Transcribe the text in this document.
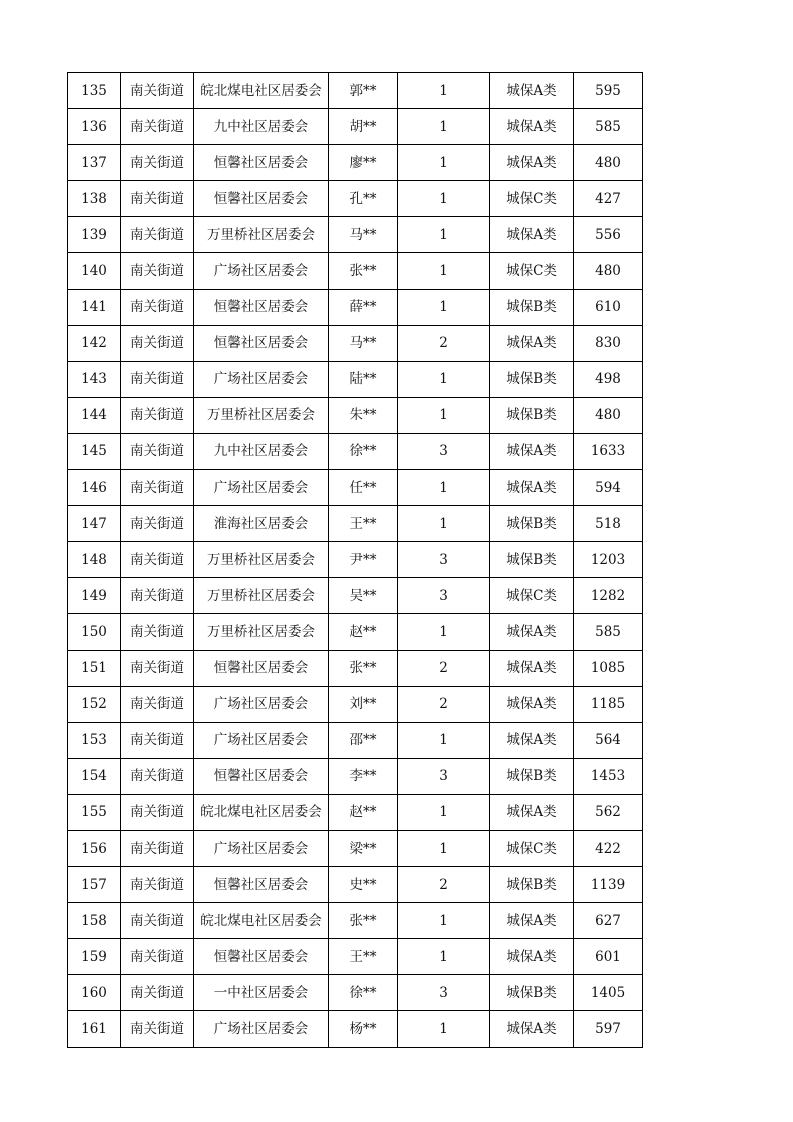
135	南关街道	皖北煤电社区居委会	郭**	1	城保A类	595
136	南关街道	九中社区居委会	胡**	1	城保A类	585
137	南关街道	恒馨社区居委会	廖**	1	城保A类	480
138	南关街道	恒馨社区居委会	孔**	1	城保C类	427
139	南关街道	万里桥社区居委会	马**	1	城保A类	556
140	南关街道	广场社区居委会	张**	1	城保C类	480
141	南关街道	恒馨社区居委会	薛**	1	城保B类	610
142	南关街道	恒馨社区居委会	马**	2	城保A类	830
143	南关街道	广场社区居委会	陆**	1	城保B类	498
144	南关街道	万里桥社区居委会	朱**	1	城保B类	480
145	南关街道	九中社区居委会	徐**	3	城保A类	1633
146	南关街道	广场社区居委会	任**	1	城保A类	594
147	南关街道	淮海社区居委会	王**	1	城保B类	518
148	南关街道	万里桥社区居委会	尹**	3	城保B类	1203
149	南关街道	万里桥社区居委会	吴**	3	城保C类	1282
150	南关街道	万里桥社区居委会	赵**	1	城保A类	585
151	南关街道	恒馨社区居委会	张**	2	城保A类	1085
152	南关街道	广场社区居委会	刘**	2	城保A类	1185
153	南关街道	广场社区居委会	邵**	1	城保A类	564
154	南关街道	恒馨社区居委会	李**	3	城保B类	1453
155	南关街道	皖北煤电社区居委会	赵**	1	城保A类	562
156	南关街道	广场社区居委会	梁**	1	城保C类	422
157	南关街道	恒馨社区居委会	史**	2	城保B类	1139
158	南关街道	皖北煤电社区居委会	张**	1	城保A类	627
159	南关街道	恒馨社区居委会	王**	1	城保A类	601
160	南关街道	一中社区居委会	徐**	3	城保B类	1405
161	南关街道	广场社区居委会	杨**	1	城保A类	597
